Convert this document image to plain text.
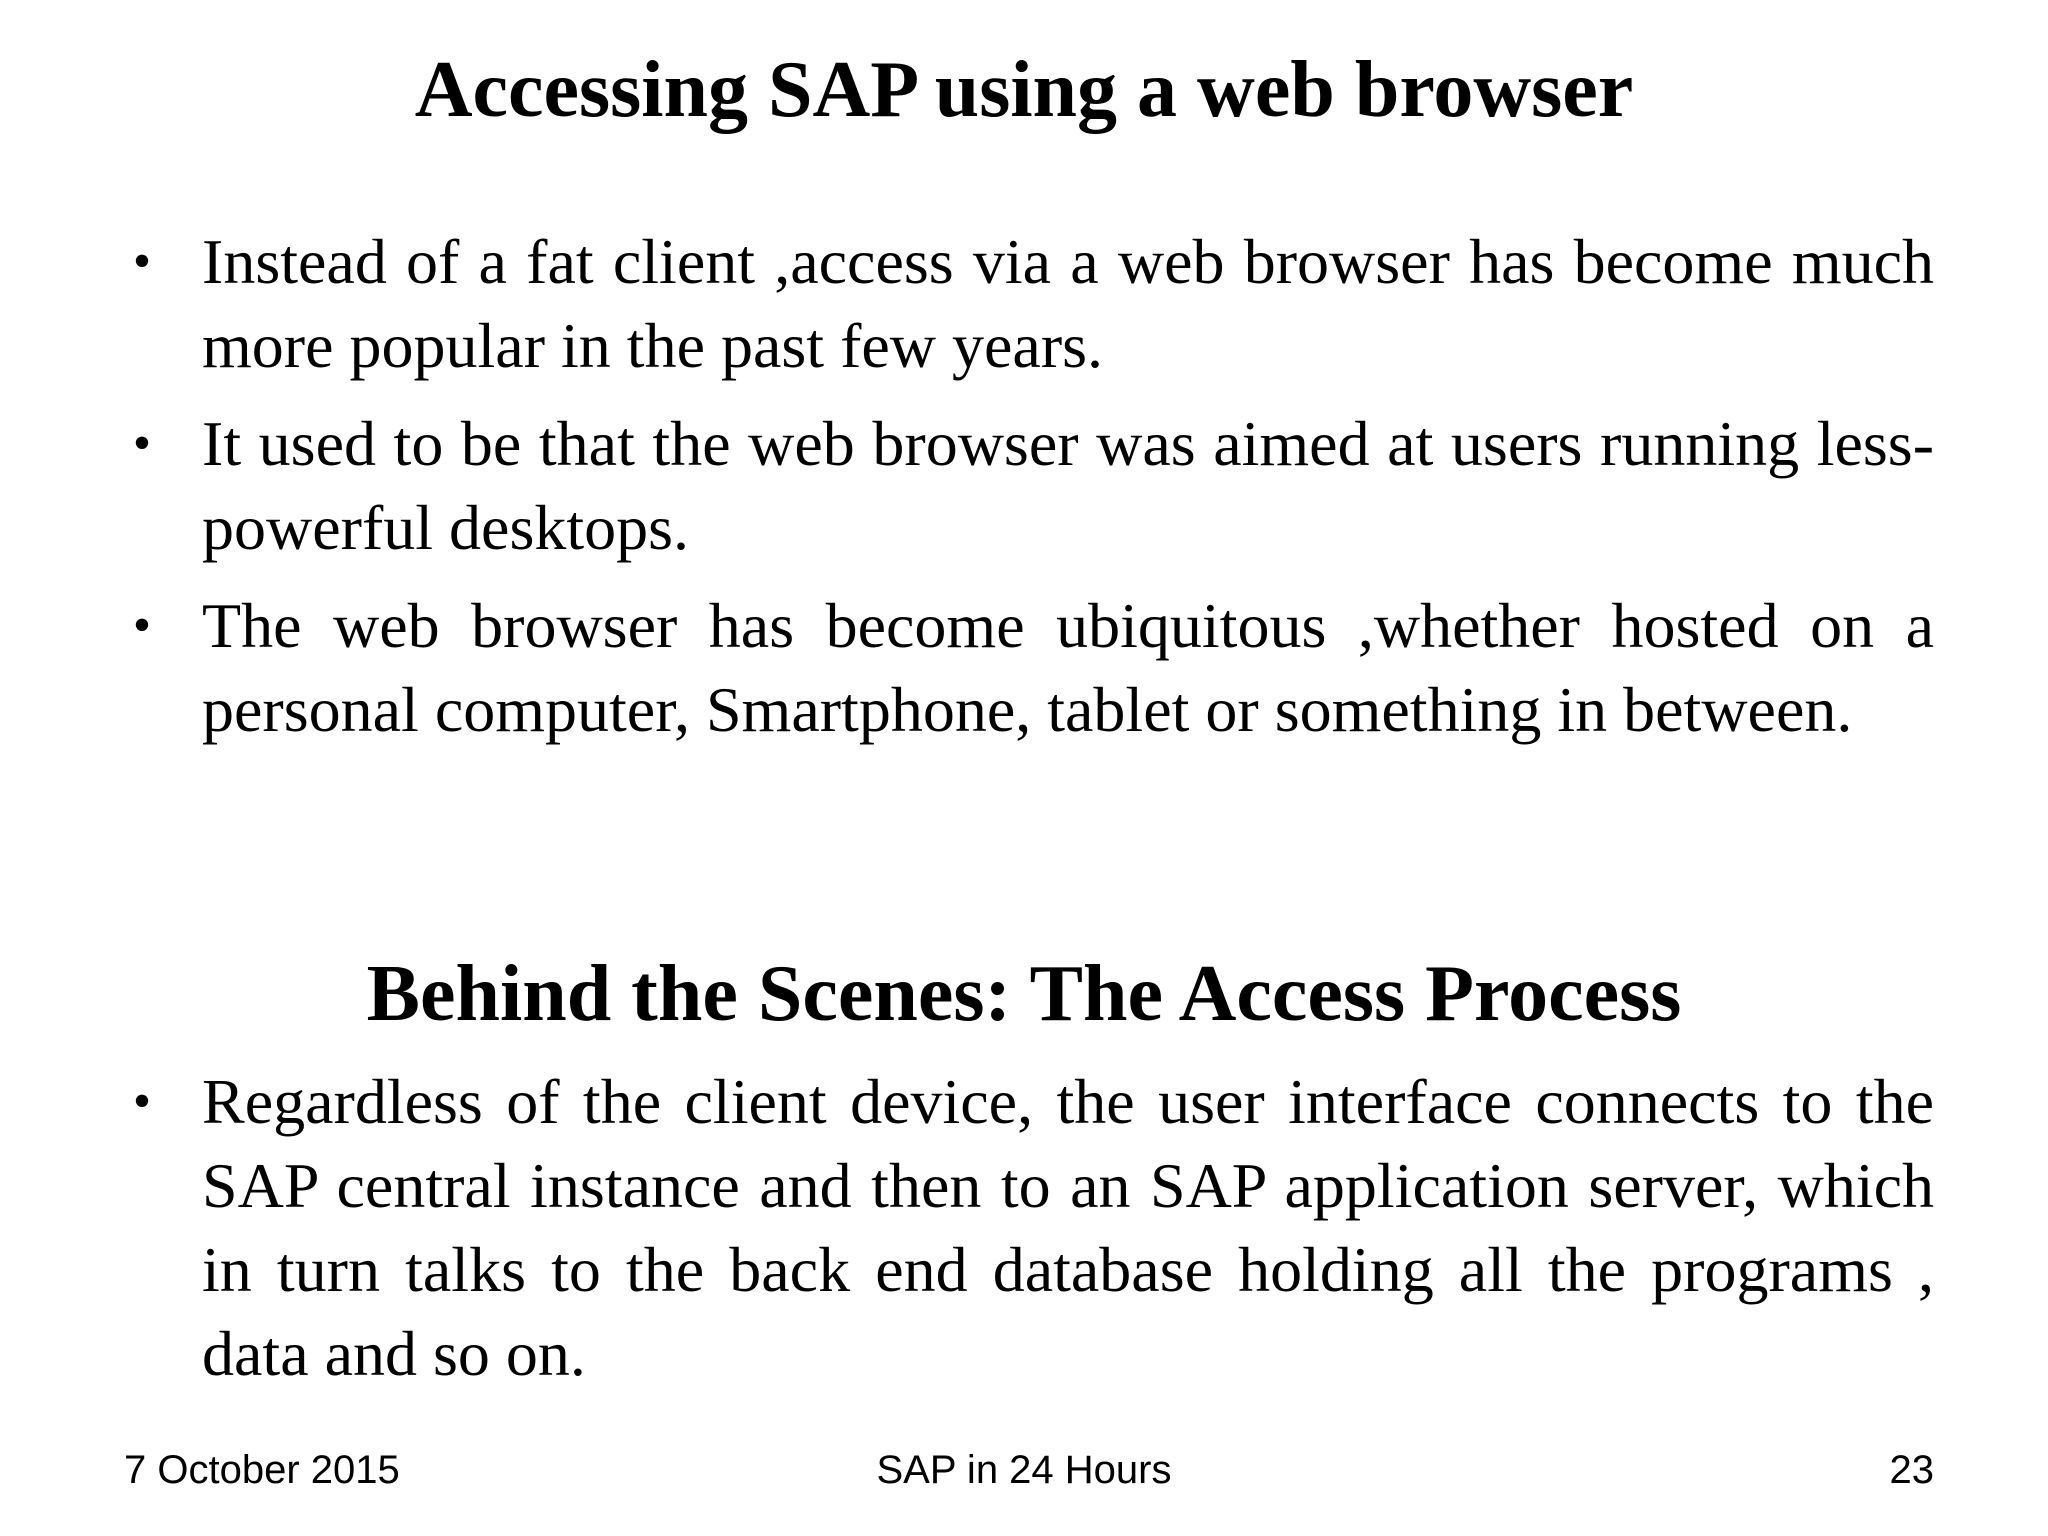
Accessing SAP using a web browser
• Instead of a fat client ,access via a web browser has become much more popular in the past few years.
• It used to be that the web browser was aimed at users running less-powerful desktops.
• The web browser has become ubiquitous ,whether hosted on a personal computer, Smartphone, tablet or something in between.
Behind the Scenes: The Access Process
• Regardless of the client device, the user interface connects to the SAP central instance and then to an SAP application server, which in turn talks to the back end database holding all the programs , data and so on.
7 October 2015	SAP in 24 Hours	23
